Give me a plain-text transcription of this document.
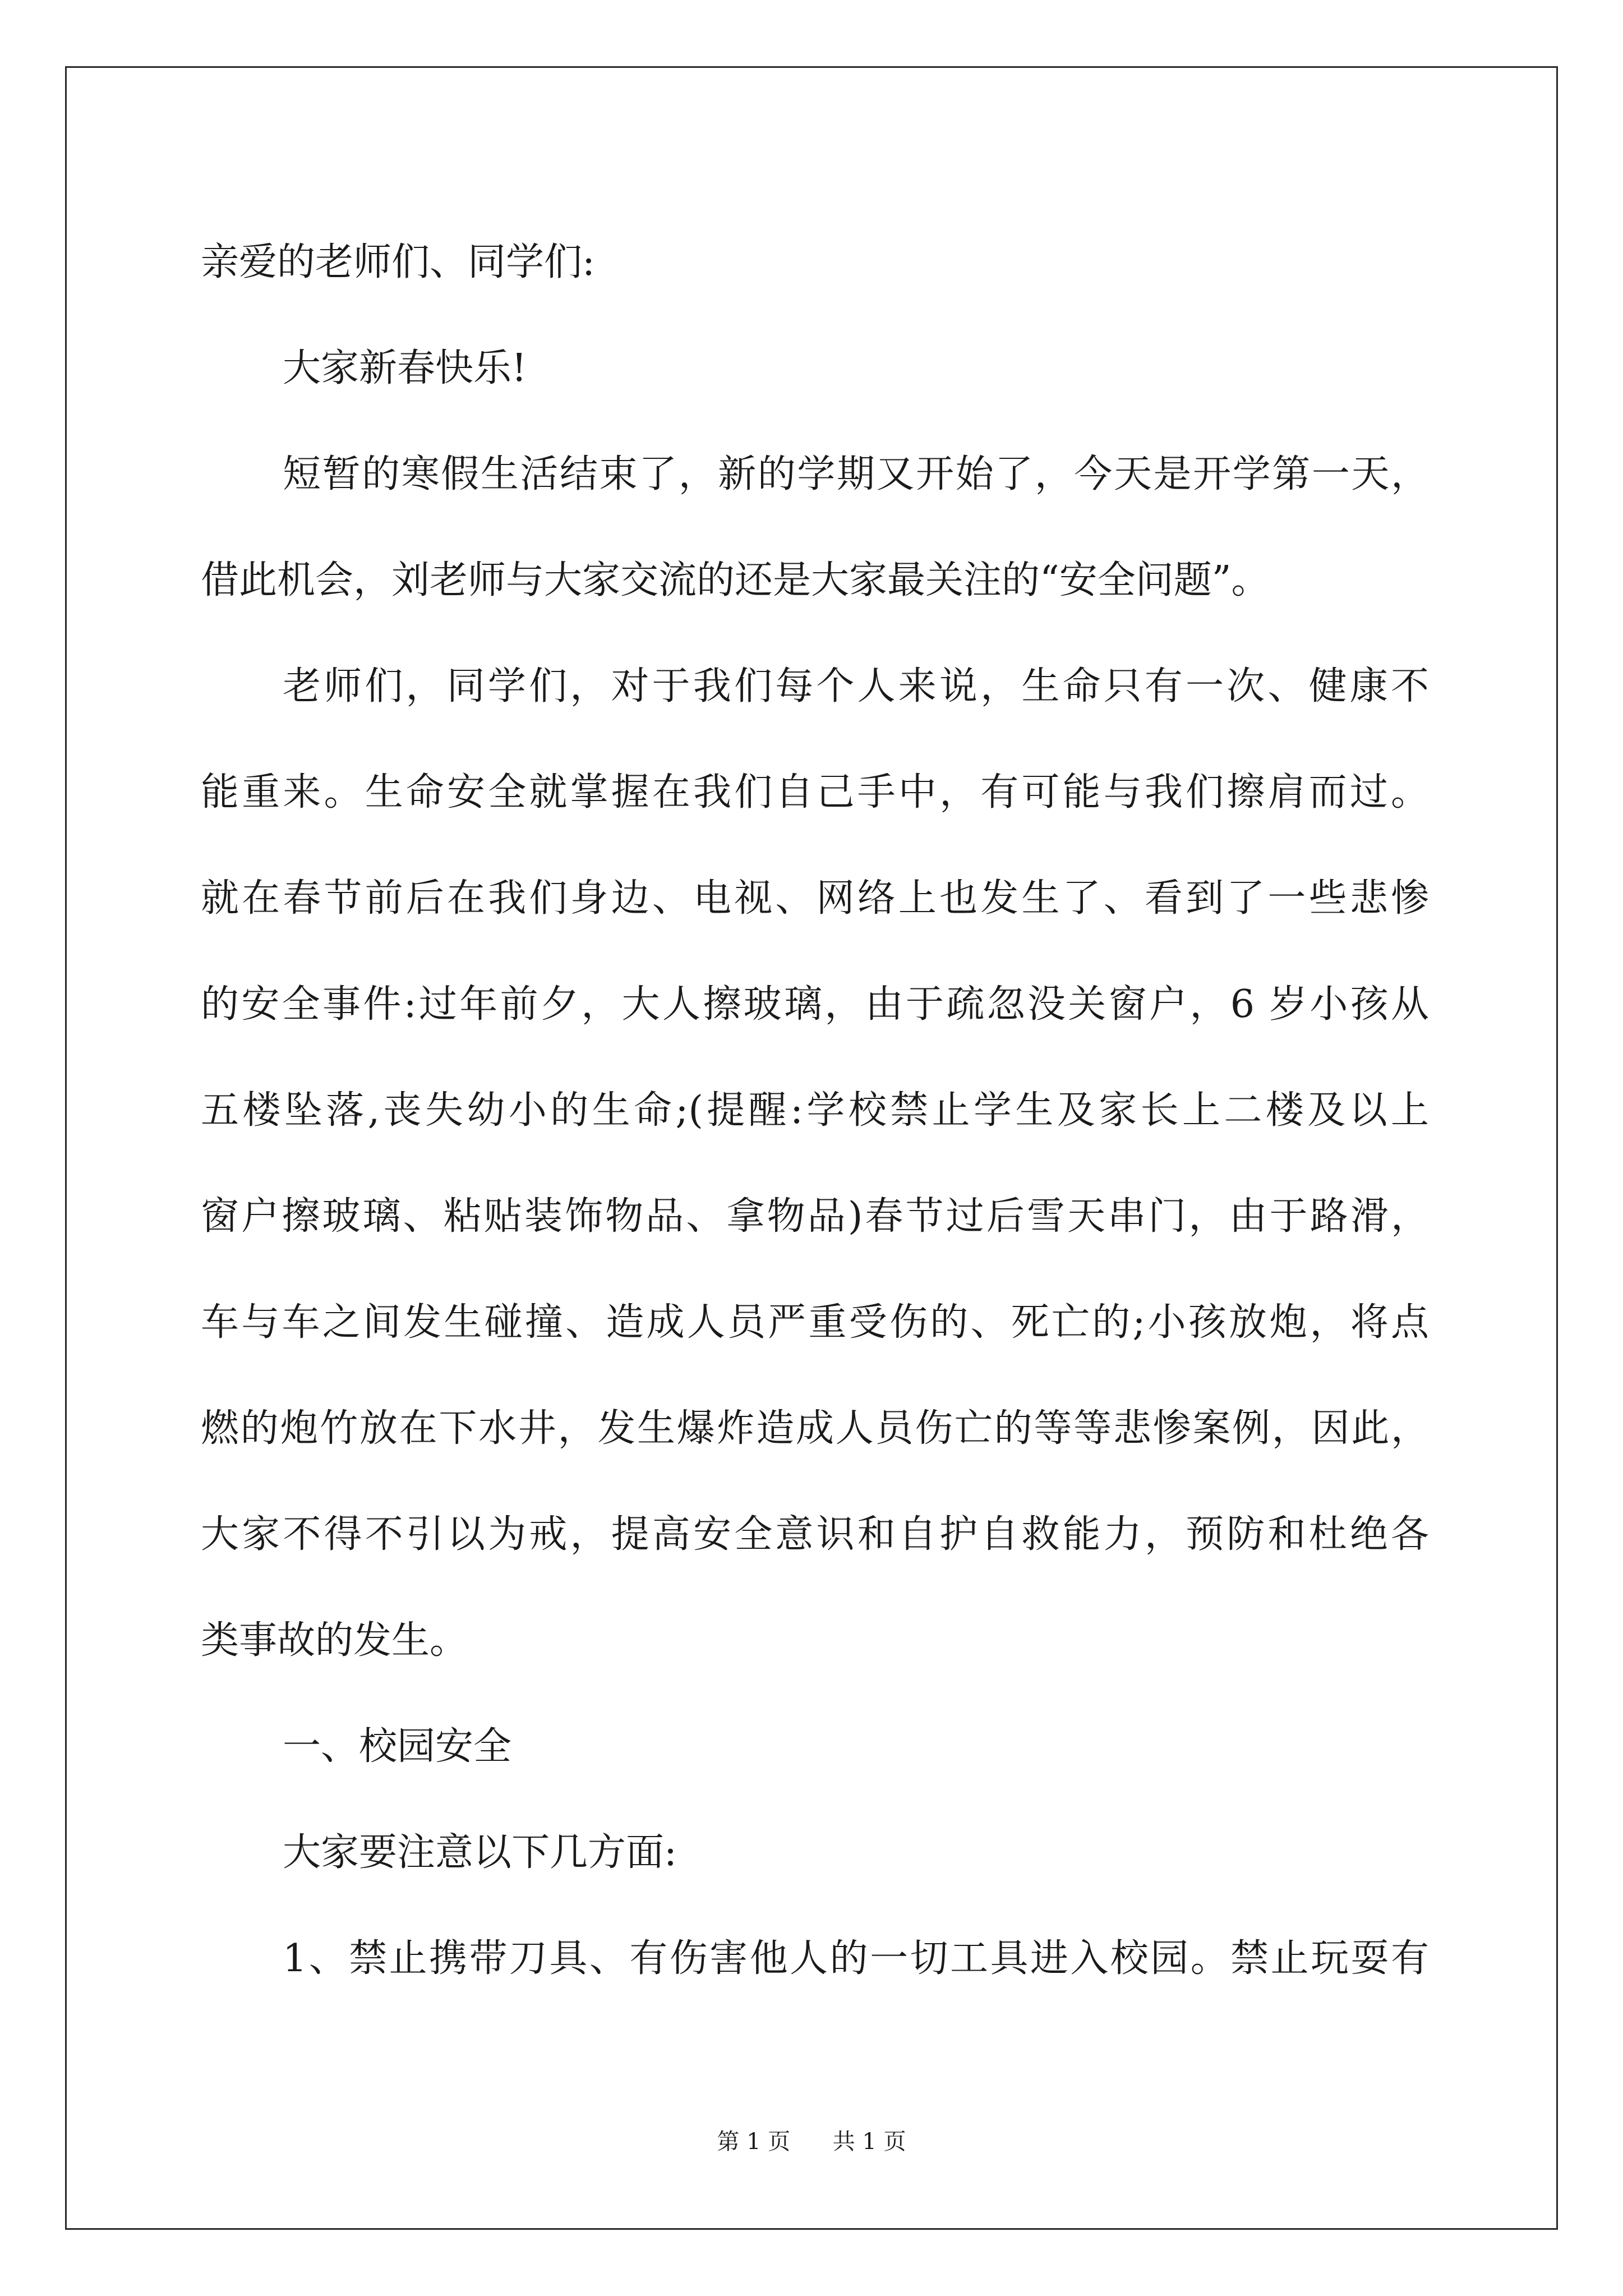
亲爱的老师们、同学们:
大家新春快乐!
短暂的寒假生活结束了，新的学期又开始了，今天是开学第一天，
借此机会，刘老师与大家交流的还是大家最关注的“安全问题”。
老师们，同学们，对于我们每个人来说，生命只有一次、健康不
能重来。生命安全就掌握在我们自己手中，有可能与我们擦肩而过。
就在春节前后在我们身边、电视、网络上也发生了、看到了一些悲惨
的安全事件:过年前夕，大人擦玻璃，由于疏忽没关窗户，6 岁小孩从
五楼坠落,丧失幼小的生命;(提醒:学校禁止学生及家长上二楼及以上
窗户擦玻璃、粘贴装饰物品、拿物品)春节过后雪天串门，由于路滑，
车与车之间发生碰撞、造成人员严重受伤的、死亡的;小孩放炮，将点
燃的炮竹放在下水井，发生爆炸造成人员伤亡的等等悲惨案例，因此，
大家不得不引以为戒，提高安全意识和自护自救能力，预防和杜绝各
类事故的发生。
一、校园安全
大家要注意以下几方面:
1、禁止携带刀具、有伤害他人的一切工具进入校园。禁止玩耍有
第 1 页 共 1 页
